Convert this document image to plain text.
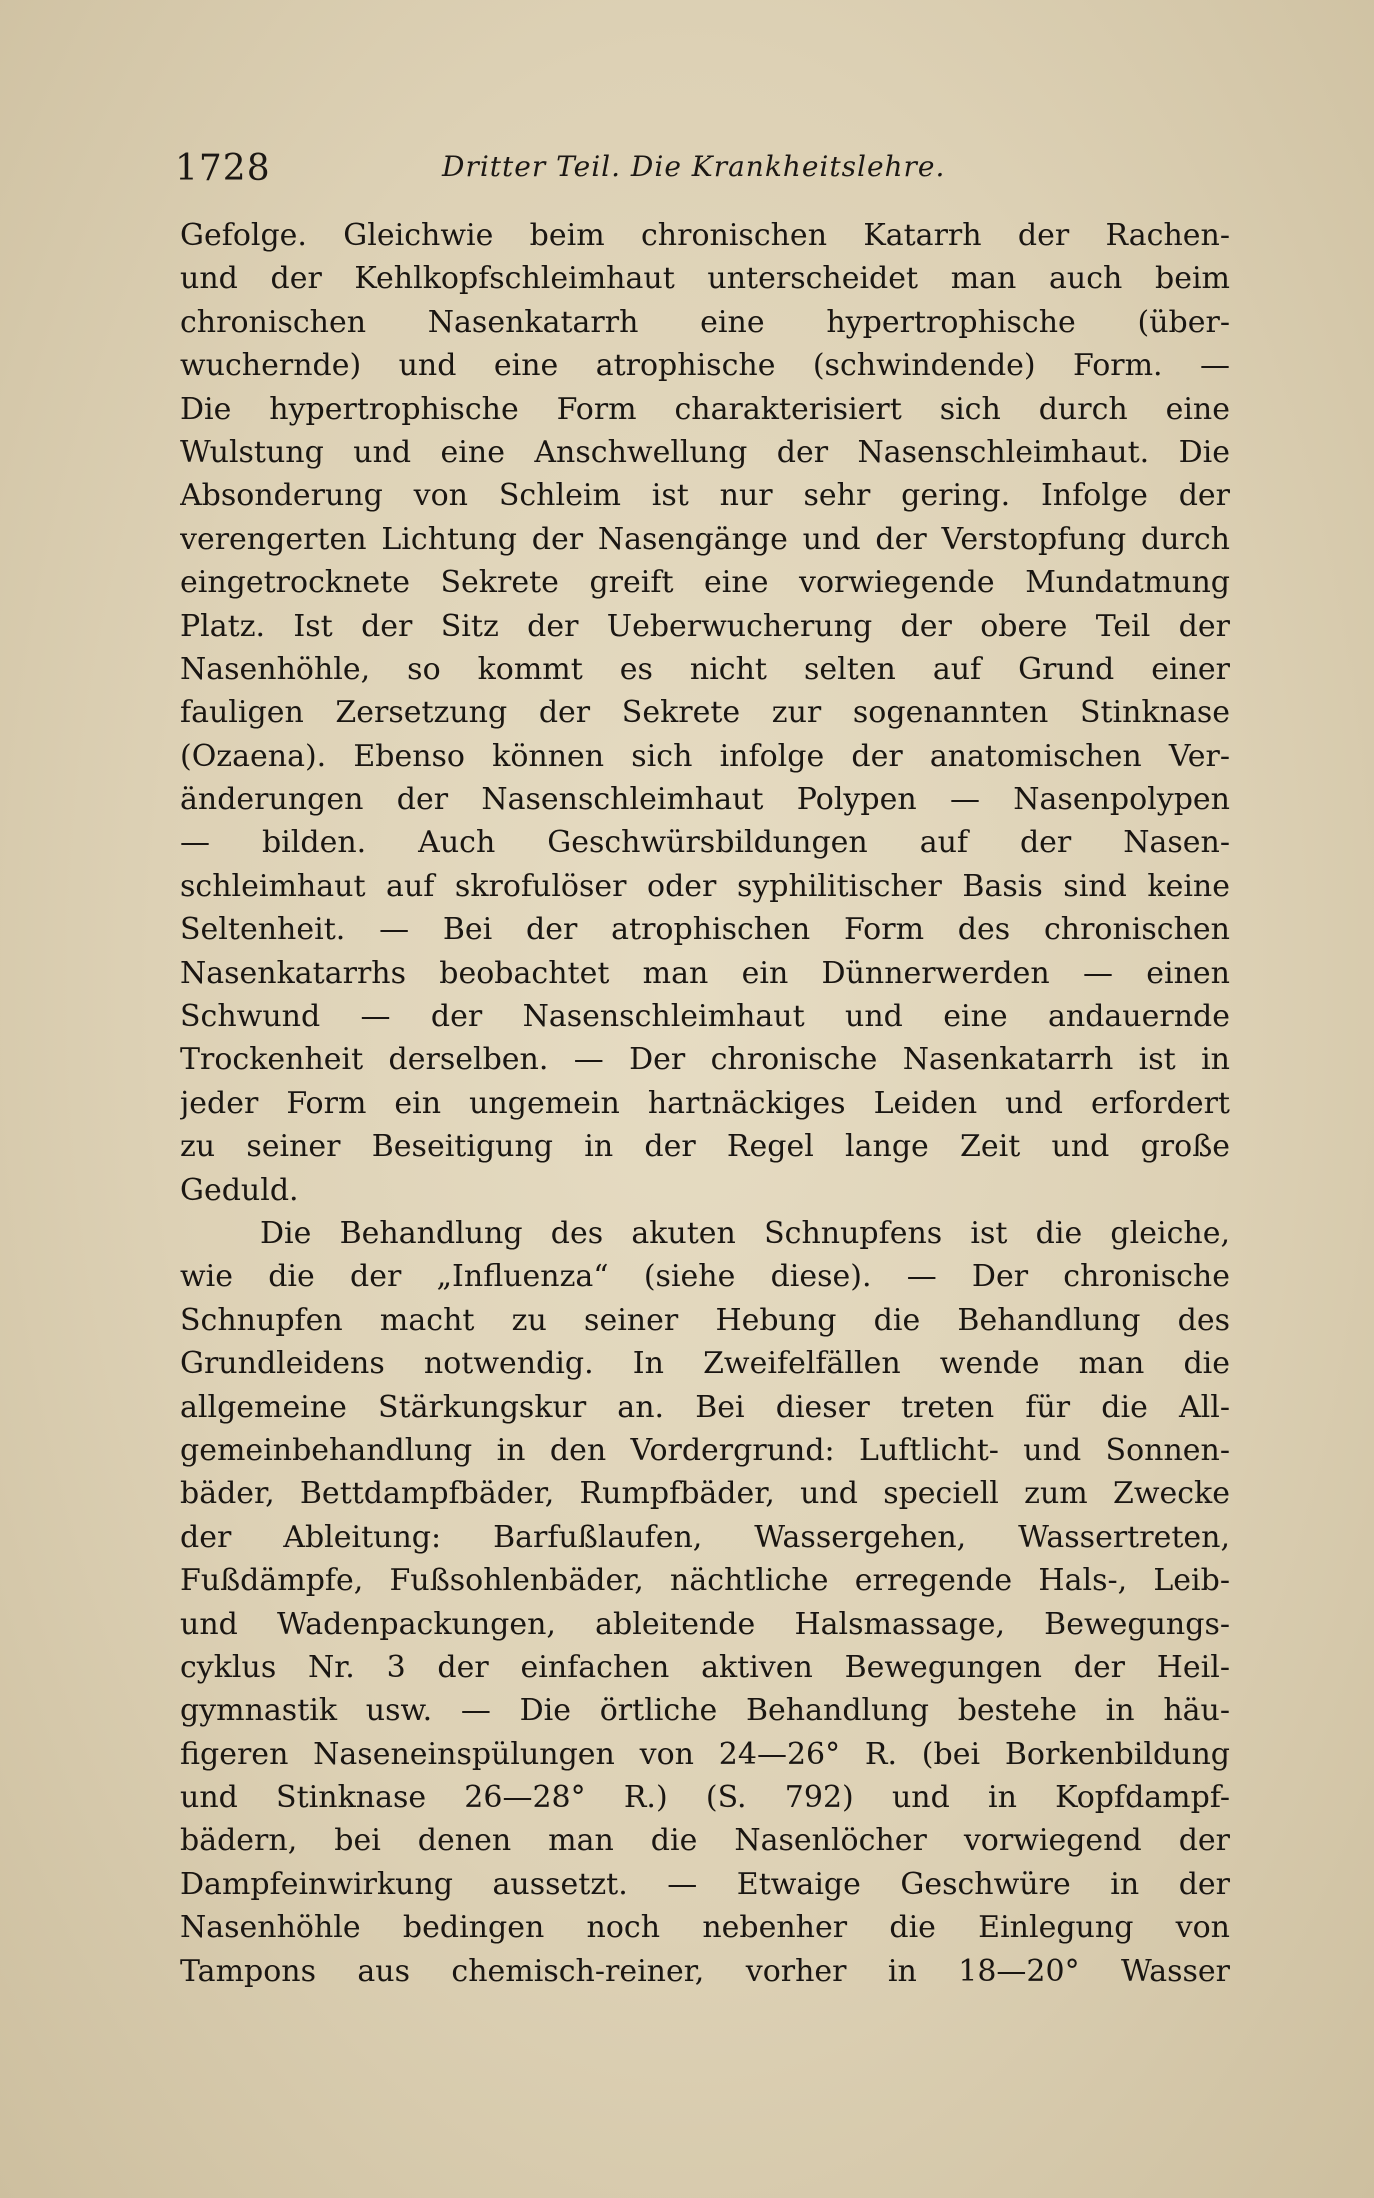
1728	Dritter Teil. Die Krankheitslehre.
Gefolge. Gleichwie beim chronischen Katarrh der Rachen-
und der Kehlkopfschleimhaut unterscheidet man auch beim
chronischen Nasenkatarrh eine hypertrophische (über-
wuchernde) und eine atrophische (schwindende) Form. —
Die hypertrophische Form charakterisiert sich durch eine
Wulstung und eine Anschwellung der Nasenschleimhaut. Die
Absonderung von Schleim ist nur sehr gering. Infolge der
verengerten Lichtung der Nasengänge und der Verstopfung durch
eingetrocknete Sekrete greift eine vorwiegende Mundatmung
Platz. Ist der Sitz der Ueberwucherung der obere Teil der
Nasenhöhle, so kommt es nicht selten auf Grund einer
fauligen Zersetzung der Sekrete zur sogenannten Stinknase
(Ozaena). Ebenso können sich infolge der anatomischen Ver-
änderungen der Nasenschleimhaut Polypen — Nasenpolypen
— bilden. Auch Geschwürsbildungen auf der Nasen-
schleimhaut auf skrofulöser oder syphilitischer Basis sind keine
Seltenheit. — Bei der atrophischen Form des chronischen
Nasenkatarrhs beobachtet man ein Dünnerwerden — einen
Schwund — der Nasenschleimhaut und eine andauernde
Trockenheit derselben. — Der chronische Nasenkatarrh ist in
jeder Form ein ungemein hartnäckiges Leiden und erfordert
zu seiner Beseitigung in der Regel lange Zeit und große
Geduld.
Die Behandlung des akuten Schnupfens ist die gleiche,
wie die der „Influenza“ (siehe diese). — Der chronische
Schnupfen macht zu seiner Hebung die Behandlung des
Grundleidens notwendig. In Zweifelfällen wende man die
allgemeine Stärkungskur an. Bei dieser treten für die All-
gemeinbehandlung in den Vordergrund: Luftlicht- und Sonnen-
bäder, Bettdampfbäder, Rumpfbäder, und speciell zum Zwecke
der Ableitung: Barfußlaufen, Wassergehen, Wassertreten,
Fußdämpfe, Fußsohlenbäder, nächtliche erregende Hals-, Leib-
und Wadenpackungen, ableitende Halsmassage, Bewegungs-
cyklus Nr. 3 der einfachen aktiven Bewegungen der Heil-
gymnastik usw. — Die örtliche Behandlung bestehe in häu-
figeren Naseneinspülungen von 24—26° R. (bei Borkenbildung
und Stinknase 26—28° R.) (S. 792) und in Kopfdampf-
bädern, bei denen man die Nasenlöcher vorwiegend der
Dampfeinwirkung aussetzt. — Etwaige Geschwüre in der
Nasenhöhle bedingen noch nebenher die Einlegung von
Tampons aus chemisch-reiner, vorher in 18—20° Wasser
